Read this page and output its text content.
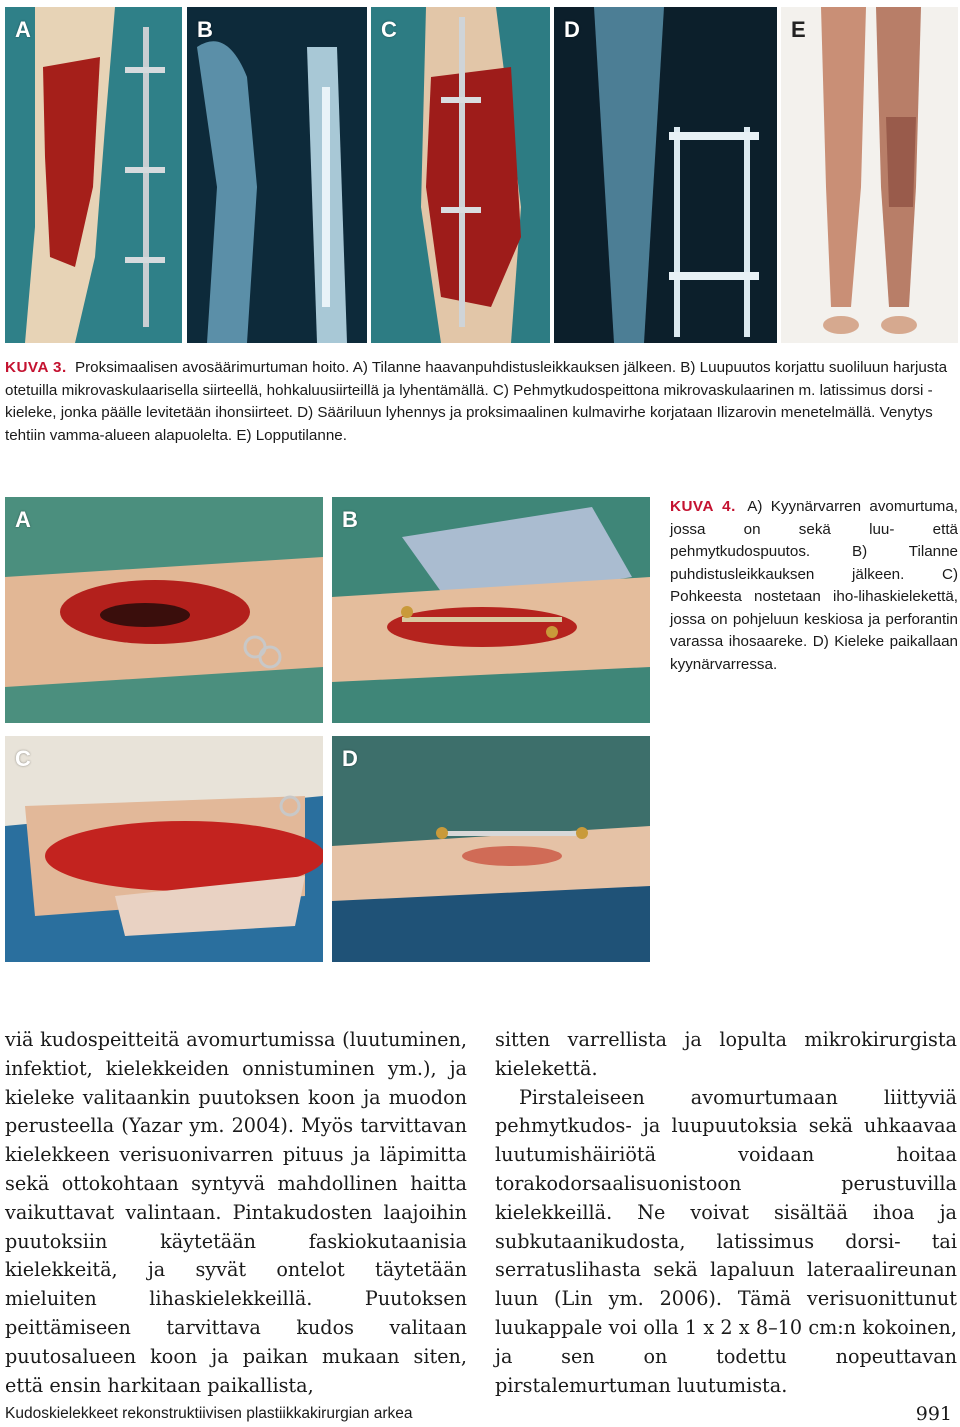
A	B	C	D	E
KUVA 3. Proksimaalisen avosäärimurtuman hoito. A) Tilanne haavanpuhdistusleikkauksen jälkeen. B) Luupuutos korjattu suoliluun harjusta otetuilla mikrovaskulaarisella siirteellä, hohkaluusiirteillä ja lyhentämällä. C) Pehmytkudospeittona mikrovaskulaarinen m. latissimus dorsi -kieleke, jonka päälle levitetään ihonsiirteet. D) Sääriluun lyhennys ja proksimaalinen kulmavirhe korjataan Ilizarovin menetelmällä. Venytys tehtiin vamma-alueen alapuolelta. E) Lopputilanne.
A	B
C	D
KUVA 4. A) Kyynärvarren avomurtuma, jossa on sekä luu- että pehmytkudospuutos. B) Tilanne puhdistusleikkauksen jälkeen. C) Pohkeesta nostetaan iho-lihaskielekettä, jossa on pohjeluun keskiosa ja perforantin varassa ihosaareke. D) Kieleke paikallaan kyynärvarressa.

viä kudospeitteitä avomurtumissa (luutuminen, infektiot, kielekkeiden onnistuminen ym.), ja kieleke valitaankin puutoksen koon ja muodon perusteella (Yazar ym. 2004). Myös tarvittavan kielekkeen verisuonivarren pituus ja läpimitta sekä ottokohtaan syntyvä mahdollinen haitta vaikuttavat valintaan. Pintakudosten laajoihin puutoksiin käytetään faskiokutaanisia kielekkeitä, ja syvät ontelot täytetään mieluiten lihaskielekkeillä. Puutoksen peittämiseen tarvittava kudos valitaan puutosalueen koon ja paikan mukaan siten, että ensin harkitaan paikallista,

sitten varrellista ja lopulta mikrokirurgista kielekettä.

Pirstaleiseen avomurtumaan liittyviä pehmytkudos- ja luupuutoksia sekä uhkaavaa luutumishäiriötä voidaan hoitaa torakodorsaalisuonistoon perustuvilla kielekkeillä. Ne voivat sisältää ihoa ja subkutaanikudosta, latissimus dorsi- tai serratuslihasta sekä lapaluun lateraalireunan luun (Lin ym. 2006). Tämä verisuonittunut luukappale voi olla 1 x 2 x 8–10 cm:n kokoinen, ja sen on todettu nopeuttavan pirstalemurtuman luutumista.

Kudoskielekkeet rekonstruktiivisen plastiikkakirurgian arkea	991
